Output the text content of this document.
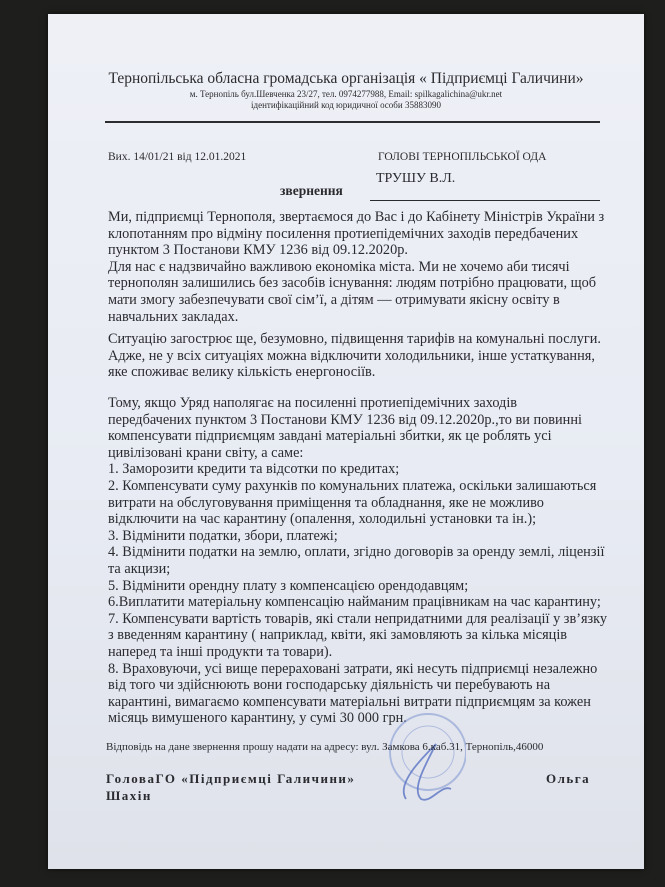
Тернопільська обласна громадська організація « Підприємці Галичини»
м. Тернопіль бул.Шевченка 23/27, тел. 0974277988, Email: spilkagalichina@ukr.net
ідентифікаційний код юридичної особи 35883090
Вих. 14/01/21 від 12.01.2021	ГОЛОВІ ТЕРНОПІЛЬСЬКОЇ ОДА
ТРУШУ В.Л.
звернення
Ми, підприємці Тернополя, звертаємося до Вас і до Кабінету Міністрів України з
клопотанням про відміну посилення протиепідемічних заходів передбачених
пунктом 3 Постанови КМУ 1236 від 09.12.2020р.
Для нас є надзвичайно важливою економіка міста. Ми не хочемо аби тисячі
тернополян залишились без засобів існування: людям потрібно працювати, щоб
мати змогу забезпечувати свої сім’ї, а дітям — отримувати якісну освіту в
навчальних закладах.
Ситуацію загострює ще, безумовно, підвищення тарифів на комунальні послуги.
Адже, не у всіх ситуаціях можна відключити холодильники, інше устаткування,
яке споживає велику кількість енергоносіїв.
Тому, якщо Уряд наполягає на посиленні протиепідемічних заходів
передбачених пунктом 3 Постанови КМУ 1236 від 09.12.2020р.,то ви повинні
компенсувати підприємцям завдані матеріальні збитки, як це роблять усі
цивілізовані крани світу, а саме:
1. Заморозити кредити та відсотки по кредитах;
2. Компенсувати суму рахунків по комунальних платежа, оскільки залишаються
витрати на обслуговування приміщення та обладнання, яке не можливо
відключити на час карантину (опалення, холодильні установки та ін.);
3. Відмінити податки, збори, платежі;
4. Відмінити податки на землю, оплати, згідно договорів за оренду землі, ліцензії
та акцизи;
5. Відмінити орендну плату з компенсацією орендодавцям;
6.Виплатити матеріальну компенсацію найманим працівникам на час карантину;
7. Компенсувати вартість товарів, які стали непридатними для реалізації у зв’язку
з введенням карантину ( наприклад, квіти, які замовляють за кілька місяців
наперед та інші продукти та товари).
8. Враховуючи, усі вище перераховані затрати, які несуть підприємці незалежно
від того чи здійснюють вони господарську діяльність чи перебувають на
карантині, вимагаємо компенсувати матеріальні витрати підприємцям за кожен
місяць вимушеного карантину, у сумі 30 000 грн.
Відповідь на дане звернення прошу надати на адресу: вул. Замкова 6.каб.31, Тернопіль,46000
ГоловаГО «Підприємці Галичини»
Шахін
Ольга
